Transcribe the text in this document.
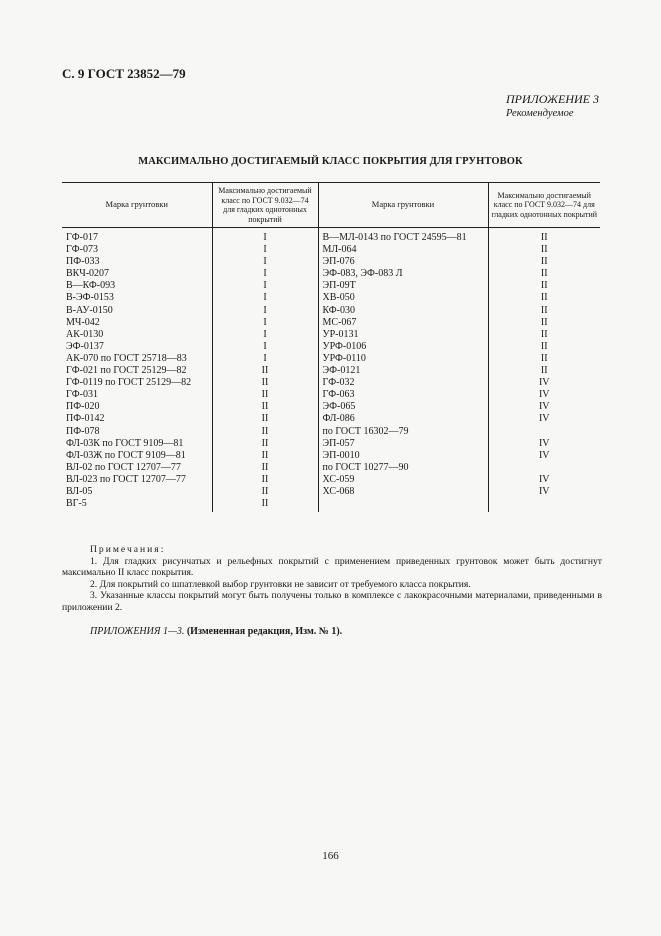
С. 9 ГОСТ 23852—79
ПРИЛОЖЕНИЕ 3
Рекомендуемое
МАКСИМАЛЬНО ДОСТИГАЕМЫЙ КЛАСС ПОКРЫТИЯ ДЛЯ ГРУНТОВОК
Марка грунтовки	Максимально достигаемый класс по ГОСТ 9.032—74 для гладких однотонных покрытий	Марка грунтовки	Максимально достигаемый класс по ГОСТ 9.032—74 для гладких однотонных покрытий
ГФ-017	I	В—МЛ-0143 по ГОСТ 24595—81	II
ГФ-073	I	МЛ-064	II
ПФ-033	I	ЭП-076	II
ВКЧ-0207	I	ЭФ-083, ЭФ-083 Л	II
В—КФ-093	I	ЭП-09Т	II
В-ЭФ-0153	I	ХВ-050	II
В-АУ-0150	I	КФ-030	II
МЧ-042	I	МС-067	II
АК-0130	I	УР-0131	II
ЭФ-0137	I	УРФ-0106	II
АК-070 по ГОСТ 25718—83	I	УРФ-0110	II
ГФ-021 по ГОСТ 25129—82	II	ЭФ-0121	II
ГФ-0119 по ГОСТ 25129—82	II	ГФ-032	IV
ГФ-031	II	ГФ-063	IV
ПФ-020	II	ЭФ-065	IV
ПФ-0142	II	ФЛ-086	IV
ПФ-078	II	по ГОСТ 16302—79	
ФЛ-03К по ГОСТ 9109—81	II	ЭП-057	IV
ФЛ-03Ж по ГОСТ 9109—81	II	ЭП-0010	IV
ВЛ-02 по ГОСТ 12707—77	II	по ГОСТ 10277—90	
ВЛ-023 по ГОСТ 12707—77	II	ХС-059	IV
ВЛ-05	II	ХС-068	IV
ВГ-5	II		
Примечания:

1. Для гладких рисунчатых и рельефных покрытий с применением приведенных грунтовок может быть достигнут максимально II класс покрытия.

2. Для покрытий со шпатлевкой выбор грунтовки не зависит от требуемого класса покрытия.

3. Указанные классы покрытий могут быть получены только в комплексе с лакокрасочными материалами, приведенными в приложении 2.

ПРИЛОЖЕНИЯ 1—3. (Измененная редакция, Изм. № 1).
166
